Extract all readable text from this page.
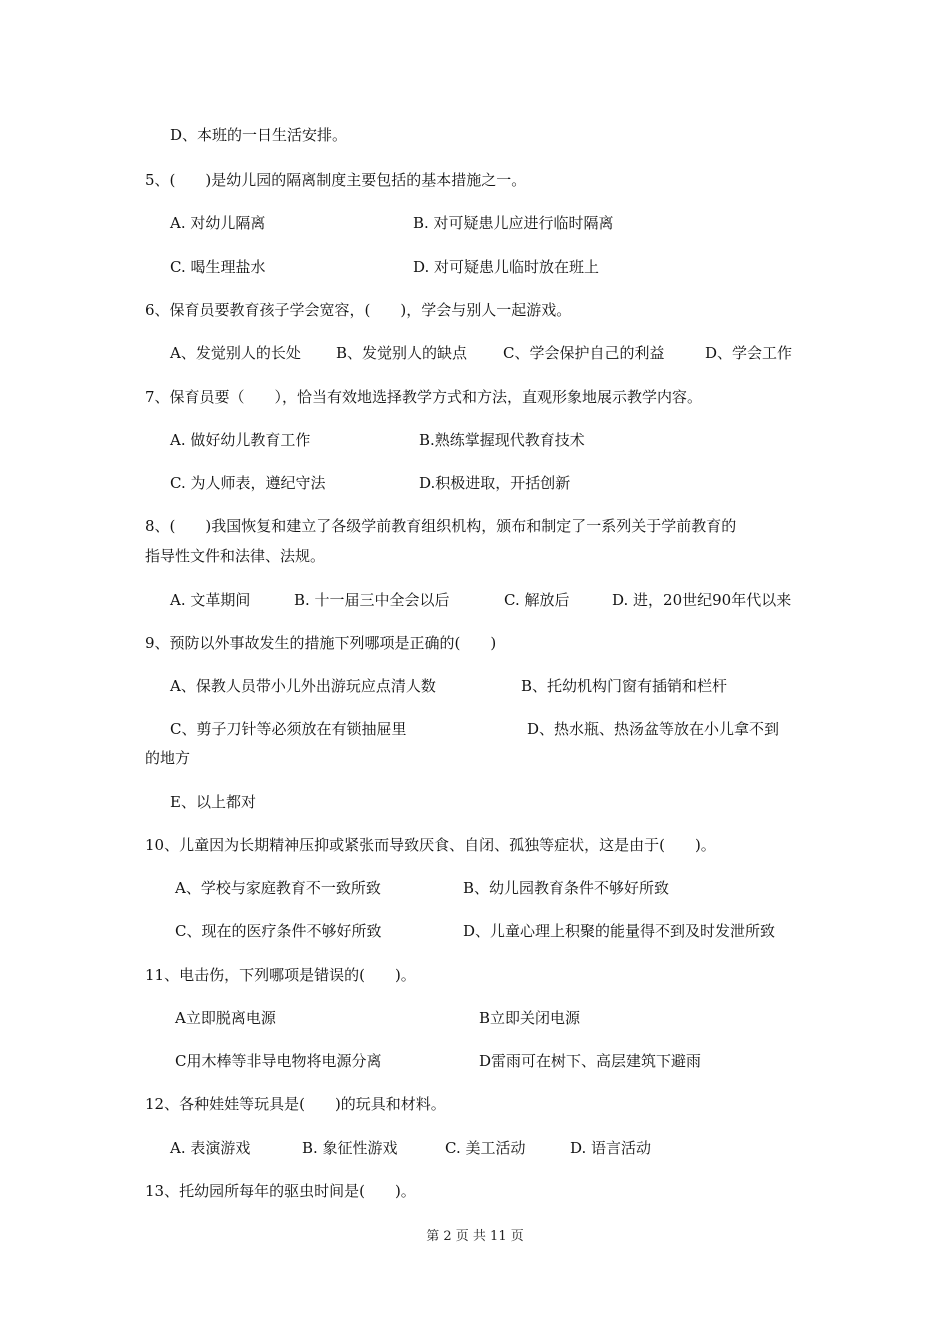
D、本班的一日生活安排。
5、(　　)是幼儿园的隔离制度主要包括的基本措施之一。
A. 对幼儿隔离	B. 对可疑患儿应进行临时隔离
C. 喝生理盐水	D. 对可疑患儿临时放在班上
6、保育员要教育孩子学会宽容，(　　)，学会与别人一起游戏。
A、发觉别人的长处 B、发觉别人的缺点 C、学会保护自己的利益	D、学会工作
7、保育员要（　　），恰当有效地选择教学方式和方法，直观形象地展示教学内容。
A. 做好幼儿教育工作	B.熟练掌握现代教育技术
C. 为人师表，遵纪守法	D.积极进取，开括创新
8、(　　)我国恢复和建立了各级学前教育组织机构，颁布和制定了一系列关于学前教育的
指导性文件和法律、法规。
A. 文革期间	B. 十一届三中全会以后	C. 解放后	D. 进，20世纪90年代以来
9、预防以外事故发生的措施下列哪项是正确的(　　)
A、保教人员带小儿外出游玩应点清人数	B、托幼机构门窗有插销和栏杆
C、剪子刀针等必须放在有锁抽屉里	D、热水瓶、热汤盆等放在小儿拿不到
的地方
E、以上都对
10、儿童因为长期精神压抑或紧张而导致厌食、自闭、孤独等症状，这是由于(　　)。
A、学校与家庭教育不一致所致	B、幼儿园教育条件不够好所致
C、现在的医疗条件不够好所致	D、儿童心理上积聚的能量得不到及时发泄所致
11、电击伤，下列哪项是错误的(　　)。
A立即脱离电源	B立即关闭电源
C用木棒等非导电物将电源分离	D雷雨可在树下、高层建筑下避雨
12、各种娃娃等玩具是(　　)的玩具和材料。
A. 表演游戏	B. 象征性游戏	C. 美工活动	D. 语言活动
13、托幼园所每年的驱虫时间是(　　)。
第 2 页 共 11 页
